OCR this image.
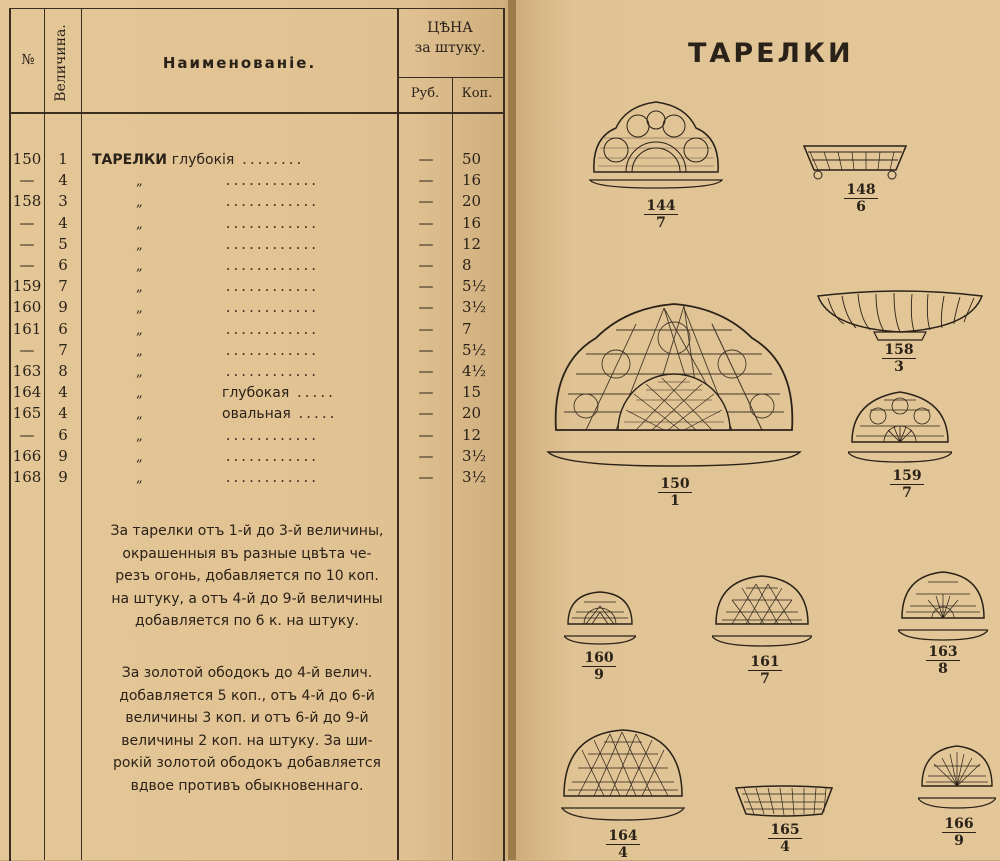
№	Величина.	Наименованіе.
ЦѢНА
за штуку.
Руб.	Коп.
150	1	ТАРЕЛКИ глубокія ........	—	50
—	4	„	............	—	16
158	3	„	............	—	20
—	4	„	............	—	16
—	5	„	............	—	12
—	6	„	............	—	8
159	7	„	............	—	5½
160	9	„	............	—	3½
161	6	„	............	—	7
—	7	„	............	—	5½
163	8	„	............	—	4½
164	4	„	глубокая .....	—	15
165	4	„	овальная .....	—	20
—	6	„	............	—	12
166	9	„	............	—	3½
168	9	„	............	—	3½
За тарелки отъ 1-й до 3-й величины,
окрашенныя въ разные цвѣта че-
резъ огонь, добавляется по 10 коп.
на штуку, а отъ 4-й до 9-й величины
добавляется по 6 к. на штуку.
За золотой ободокъ до 4-й велич.
добавляется 5 коп., отъ 4-й до 6-й
величины 3 коп. и отъ 6-й до 9-й
величины 2 коп. на штуку. За ши-
рокій золотой ободокъ добавляется
вдвое противъ обыкновеннаго.
ТАРЕЛКИ
144
7
148
6
150
1
158
3
159
7
160
9
161
7
163
8
164
4
165
4
166
9
